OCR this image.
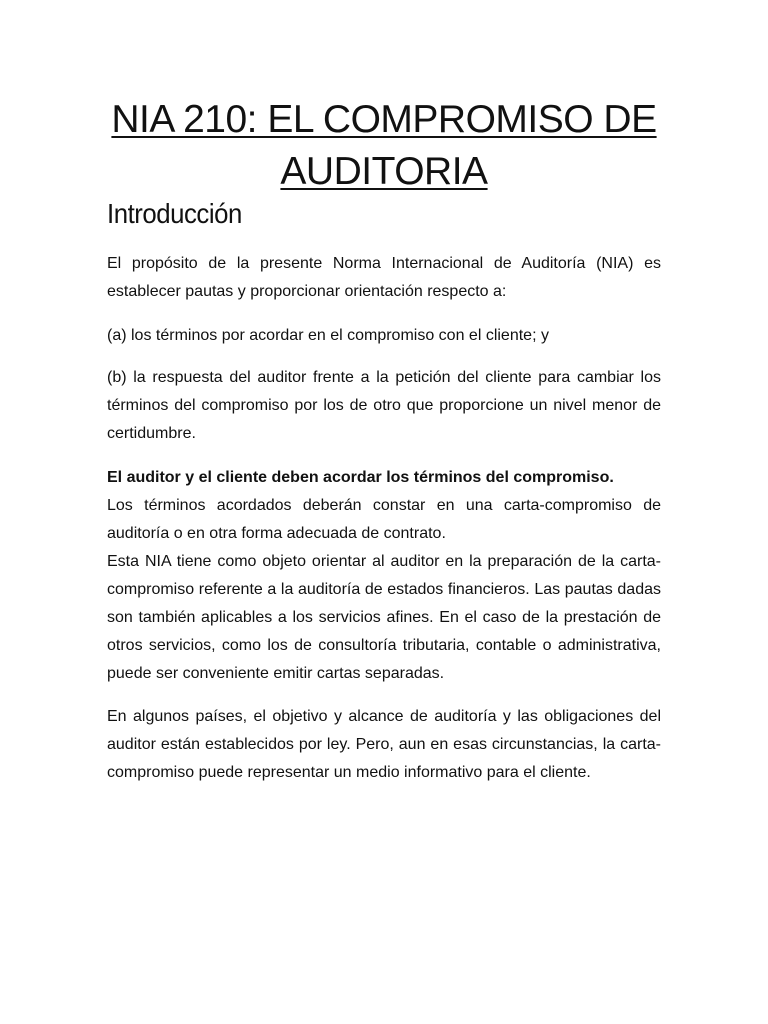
NIA 210: EL COMPROMISO DE
AUDITORIA
Introducción

El propósito de la presente Norma Internacional de Auditoría (NIA) es establecer pautas y proporcionar orientación respecto a:

(a) los términos por acordar en el compromiso con el cliente; y

(b) la respuesta del auditor frente a la petición del cliente para cambiar los términos del compromiso por los de otro que proporcione un nivel menor de certidumbre.

El auditor y el cliente deben acordar los términos del compromiso.
Los términos acordados deberán constar en una carta-compromiso de auditoría o en otra forma adecuada de contrato.
Esta NIA tiene como objeto orientar al auditor en la preparación de la carta-compromiso referente a la auditoría de estados financieros. Las pautas dadas son también aplicables a los servicios afines. En el caso de la prestación de otros servicios, como los de consultoría tributaria, contable o administrativa, puede ser conveniente emitir cartas separadas.

En algunos países, el objetivo y alcance de auditoría y las obligaciones del auditor están establecidos por ley. Pero, aun en esas circunstancias, la carta-compromiso puede representar un medio informativo para el cliente.
